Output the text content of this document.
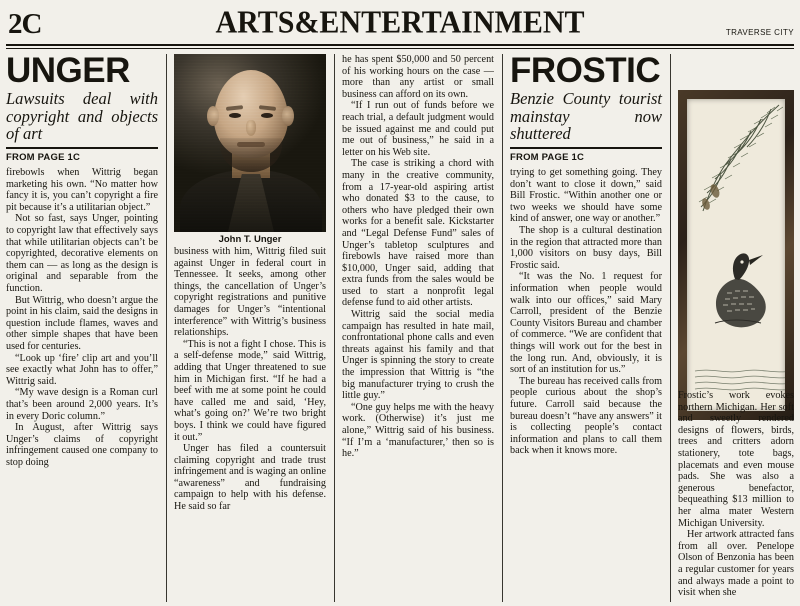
2C	ARTS&ENTERTAINMENT	TRAVERSE CITY
UNGER
Lawsuits deal with copyright and objects of art
FROM PAGE 1C

firebowls when Wittrig began marketing his own. “No matter how fancy it is, you can’t copyright a fire pit because it’s a utilitarian object.”

Not so fast, says Unger, pointing to copyright law that effectively says that while utilitarian objects can’t be copyrighted, decorative elements on them can — as long as the design is original and separable from the function.

But Wittrig, who doesn’t argue the point in his claim, said the designs in question include flames, waves and other simple shapes that have been used for centuries.

“Look up ‘fire’ clip art and you’ll see exactly what John has to offer,” Wittrig said.

“My wave design is a Roman curl that’s been around 2,000 years. It’s in every Doric column.”

In August, after Wittrig says Unger’s claims of copyright infringement caused one company to stop doing

John T. Unger

business with him, Wittrig filed suit against Unger in federal court in Tennessee. It seeks, among other things, the cancellation of Unger’s copyright registrations and punitive damages for Unger’s “intentional interference” with Wittrig’s business relationships.

“This is not a fight I chose. This is a self-defense mode,” said Wittrig, adding that Unger threatened to sue him in Michigan first. “If he had a beef with me at some point he could have called me and said, ‘Hey, what’s going on?’ We’re two bright boys. I think we could have figured it out.”

Unger has filed a countersuit claiming copyright and trade trust infringement and is waging an online “awareness” and fundraising campaign to help with his defense. He said so far

he has spent $50,000 and 50 percent of his working hours on the case — more than any artist or small business can afford on its own.

“If I run out of funds before we reach trial, a default judgment would be issued against me and could put me out of business,” he said in a letter on his Web site.

The case is striking a chord with many in the creative community, from a 17-year-old aspiring artist who donated $3 to the cause, to others who have pledged their own works for a benefit sale. Kickstarter and “Legal Defense Fund” sales of Unger’s tabletop sculptures and firebowls have raised more than $10,000, Unger said, adding that extra funds from the sales would be used to start a nonprofit legal defense fund to aid other artists.

Wittrig said the social media campaign has resulted in hate mail, confrontational phone calls and even threats against his family and that Unger is spinning the story to create the impression that Wittrig is “the big manufacturer trying to crush the little guy.”

“One guy helps me with the heavy work. (Otherwise) it’s just me alone,” Wittrig said of his business. “If I’m a ‘manufacturer,’ then so is he.”

FROSTIC
Benzie County tourist mainstay now shuttered
FROM PAGE 1C

trying to get something going. They don’t want to close it down,” said Bill Frostic. “Within another one or two weeks we should have some kind of answer, one way or another.”

The shop is a cultural destination in the region that attracted more than 1,000 visitors on busy days, Bill Frostic said.

“It was the No. 1 request for information when people would walk into our offices,” said Mary Carroll, president of the Benzie County Visitors Bureau and chamber of commerce. “We are confident that things will work out for the best in the long run. And, obviously, it is sort of an institution for us.”

The bureau has received calls from people curious about the shop’s future. Carroll said because the bureau doesn’t “have any answers” it is collecting people’s contact information and plans to call them back when it knows more.

Frostic’s work evokes northern Michigan. Her soft and sweetly rendered designs of flowers, birds, trees and critters adorn stationery, tote bags, placemats and even mouse pads. She was also a generous benefactor, bequeathing $13 million to her alma mater Western Michigan University.

Her artwork attracted fans from all over. Penelope Olson of Benzonia has been a regular customer for years and always made a point to visit when she
